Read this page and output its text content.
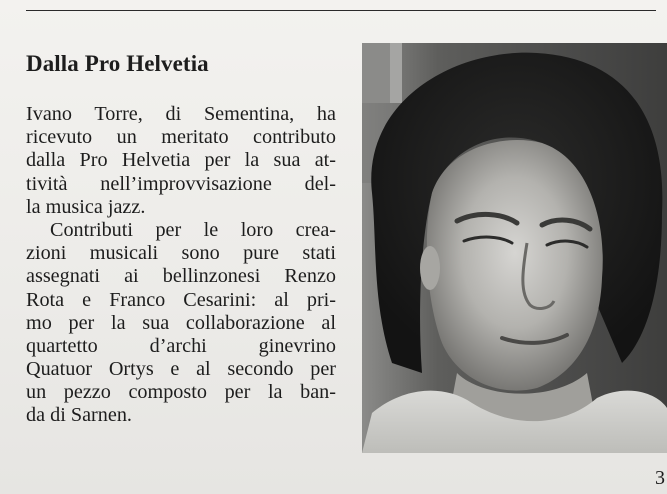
Dalla Pro Helvetia
Ivano Torre, di Sementina, ha
ricevuto un meritato contributo
dalla Pro Helvetia per la sua at-
tività nell’improvvisazione del-
la musica jazz.
Contributi per le loro crea-
zioni musicali sono pure stati
assegnati ai bellinzonesi Renzo
Rota e Franco Cesarini: al pri-
mo per la sua collaborazione al
quartetto d’archi ginevrino
Quatuor Ortys e al secondo per
un pezzo composto per la ban-
da di Sarnen.
3
